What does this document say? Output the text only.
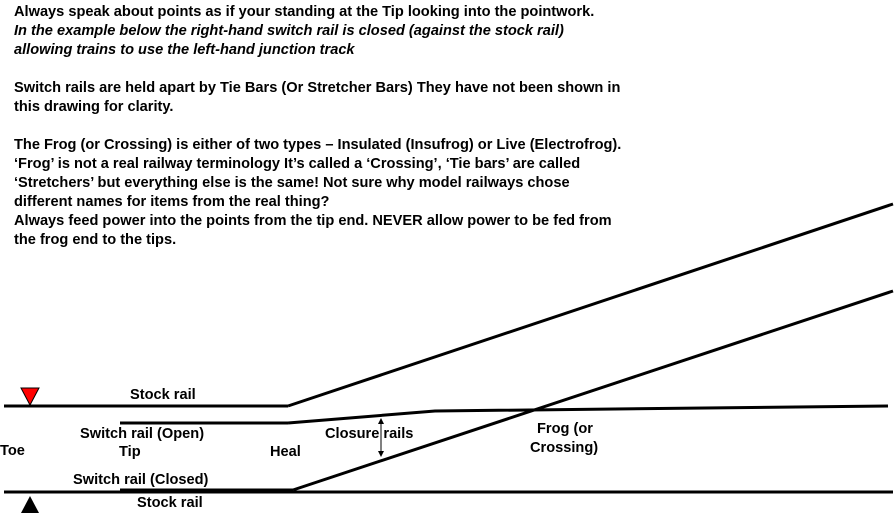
Always speak about points as if your standing at the Tip looking into the pointwork.

In the example below the right-hand switch rail is closed (against the stock rail)

allowing trains to use the left-hand junction track

Switch rails are held apart by Tie Bars (Or Stretcher Bars) They have not been shown in

this drawing for clarity.

The Frog (or Crossing) is either of two types – Insulated (Insufrog) or Live (Electrofrog).

‘Frog’ is not a real railway terminology It’s called a ‘Crossing’, ‘Tie bars’ are called

‘Stretchers’ but everything else is the same! Not sure why model railways chose

different names for items from the real thing?

Always feed power into the points from the tip end. NEVER allow power to be fed from

the frog end to the tips.

Stock rail
Switch rail (Open)
Toe	Tip	Heal
Closure rails	Frog (or
Crossing)
Switch rail (Closed)
Stock rail
